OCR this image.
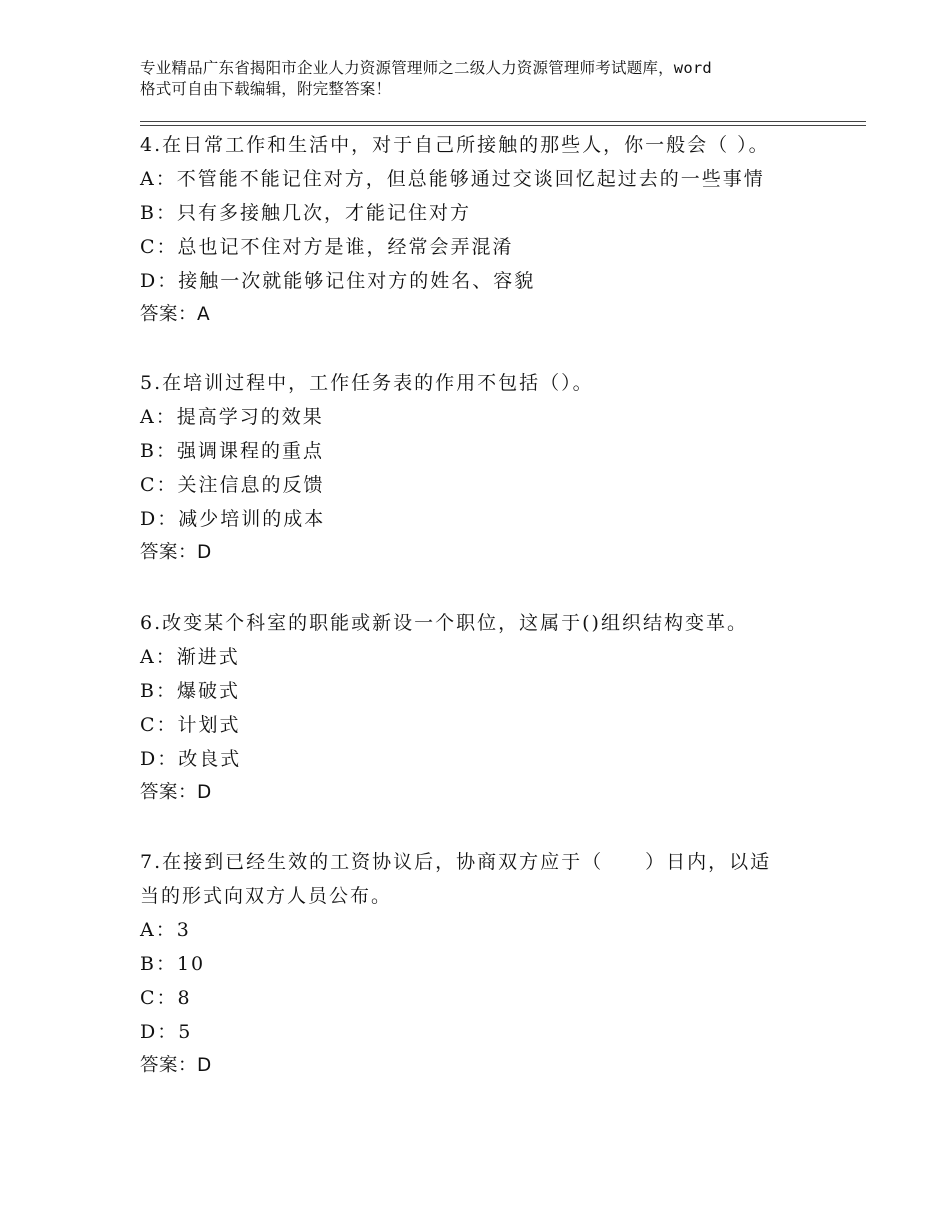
专业精品广东省揭阳市企业人力资源管理师之二级人力资源管理师考试题库，word
格式可自由下载编辑，附完整答案！
4.在日常工作和生活中，对于自己所接触的那些人，你一般会（ ）。
A：不管能不能记住对方，但总能够通过交谈回忆起过去的一些事情
B：只有多接触几次，才能记住对方
C：总也记不住对方是谁，经常会弄混淆
D：接触一次就能够记住对方的姓名、容貌
答案：A
5.在培训过程中，工作任务表的作用不包括（）。
A：提高学习的效果
B：强调课程的重点
C：关注信息的反馈
D：减少培训的成本
答案：D
6.改变某个科室的职能或新设一个职位，这属于()组织结构变革。
A：渐进式
B：爆破式
C：计划式
D：改良式
答案：D
7.在接到已经生效的工资协议后，协商双方应于（　　）日内，以适
当的形式向双方人员公布。
A：3
B：10
C：8
D：5
答案：D
